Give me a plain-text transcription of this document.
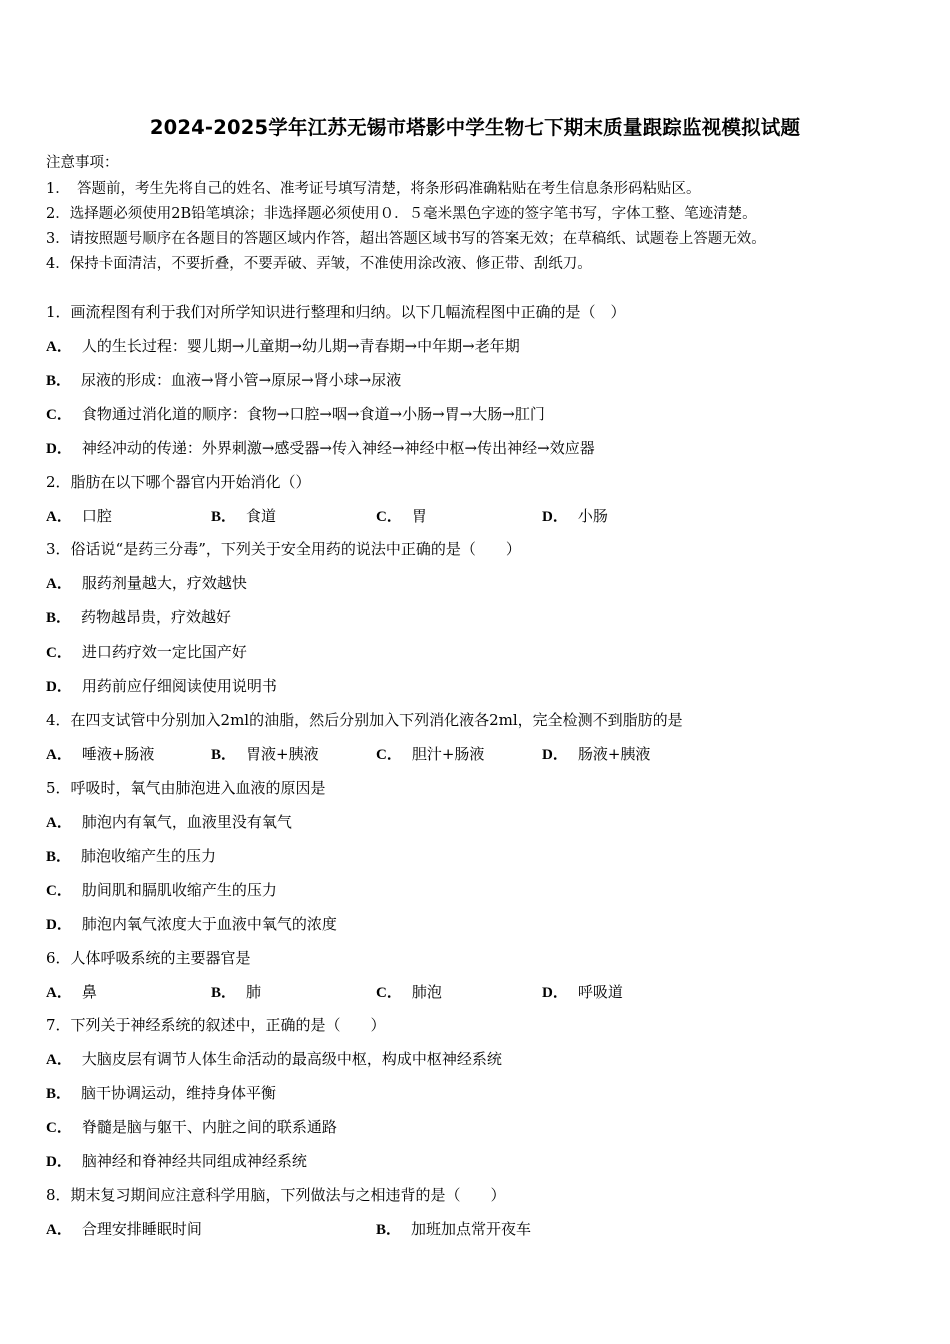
2024-2025学年江苏无锡市塔影中学生物七下期末质量跟踪监视模拟试题
注意事项：
1．　答题前，考生先将自己的姓名、准考证号填写清楚，将条形码准确粘贴在考生信息条形码粘贴区。
2．选择题必须使用2B铅笔填涂；非选择题必须使用０．５毫米黑色字迹的签字笔书写，字体工整、笔迹清楚。
3．请按照题号顺序在各题目的答题区域内作答，超出答题区域书写的答案无效；在草稿纸、试题卷上答题无效。
4．保持卡面清洁，不要折叠，不要弄破、弄皱，不准使用涂改液、修正带、刮纸刀。
1．画流程图有利于我们对所学知识进行整理和归纳。以下几幅流程图中正确的是（　）
A． 人的生长过程：婴儿期→儿童期→幼儿期→青春期→中年期→老年期
B． 尿液的形成：血液→肾小管→原尿→肾小球→尿液
C． 食物通过消化道的顺序：食物→口腔→咽→食道→小肠→胃→大肠→肛门
D． 神经冲动的传递：外界刺激→感受器→传入神经→神经中枢→传出神经→效应器
2．脂肪在以下哪个器官内开始消化（）
A． 口腔	B． 食道	C． 胃	D． 小肠
3．俗话说“是药三分毒”，下列关于安全用药的说法中正确的是（　　）
A． 服药剂量越大，疗效越快
B． 药物越昂贵，疗效越好
C． 进口药疗效一定比国产好
D． 用药前应仔细阅读使用说明书
4．在四支试管中分别加入2ml的油脂，然后分别加入下列消化液各2ml，完全检测不到脂肪的是
A． 唾液+肠液	B． 胃液+胰液	C． 胆汁+肠液	D． 肠液+胰液
5．呼吸时，氧气由肺泡进入血液的原因是
A． 肺泡内有氧气，血液里没有氧气
B． 肺泡收缩产生的压力
C． 肋间肌和膈肌收缩产生的压力
D． 肺泡内氧气浓度大于血液中氧气的浓度
6．人体呼吸系统的主要器官是
A． 鼻	B． 肺	C． 肺泡	D． 呼吸道
7．下列关于神经系统的叙述中，正确的是（　　）
A． 大脑皮层有调节人体生命活动的最高级中枢，构成中枢神经系统
B． 脑干协调运动，维持身体平衡
C． 脊髓是脑与躯干、内脏之间的联系通路
D． 脑神经和脊神经共同组成神经系统
8．期末复习期间应注意科学用脑，下列做法与之相违背的是（　　）
A． 合理安排睡眠时间	B． 加班加点常开夜车
